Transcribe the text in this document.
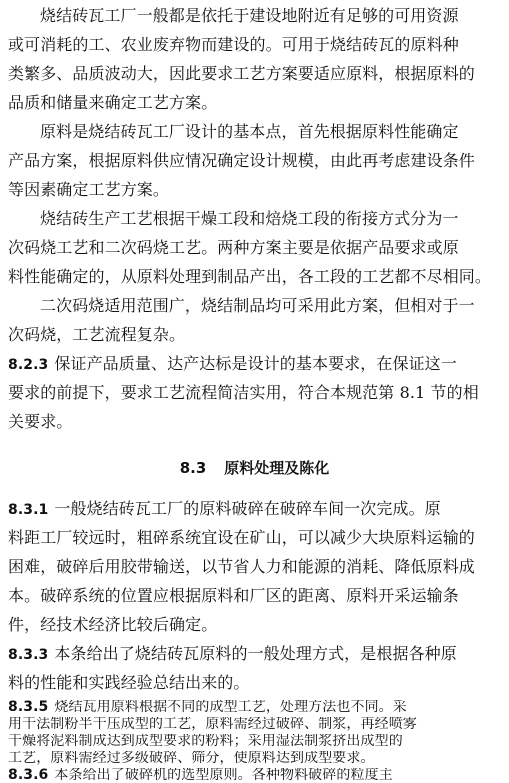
烧结砖瓦工厂一般都是依托于建设地附近有足够的可用资源
或可消耗的工、农业废弃物而建设的。可用于烧结砖瓦的原料种
类繁多、品质波动大，因此要求工艺方案要适应原料，根据原料的
品质和储量来确定工艺方案。
原料是烧结砖瓦工厂设计的基本点，首先根据原料性能确定
产品方案，根据原料供应情况确定设计规模，由此再考虑建设条件
等因素确定工艺方案。
烧结砖生产工艺根据干燥工段和焙烧工段的衔接方式分为一
次码烧工艺和二次码烧工艺。两种方案主要是依据产品要求或原
料性能确定的，从原料处理到制品产出，各工段的工艺都不尽相同。
二次码烧适用范围广，烧结制品均可采用此方案，但相对于一
次码烧，工艺流程复杂。
8.2.3 保证产品质量、达产达标是设计的基本要求，在保证这一
要求的前提下，要求工艺流程简洁实用，符合本规范第 8.1 节的相
关要求。
8.3 原料处理及陈化
8.3.1 一般烧结砖瓦工厂的原料破碎在破碎车间一次完成。原
料距工厂较远时，粗碎系统宜设在矿山，可以减少大块原料运输的
困难，破碎后用胶带输送，以节省人力和能源的消耗、降低原料成
本。破碎系统的位置应根据原料和厂区的距离、原料开采运输条
件，经技术经济比较后确定。
8.3.3 本条给出了烧结砖瓦原料的一般处理方式，是根据各种原
料的性能和实践经验总结出来的。
8.3.5 烧结瓦用原料根据不同的成型工艺，处理方法也不同。采
用干法制粉半干压成型的工艺，原料需经过破碎、制浆，再经喷雾
干燥将泥料制成达到成型要求的粉料；采用湿法制浆挤出成型的
工艺，原料需经过多级破碎、筛分，使原料达到成型要求。
8.3.6 本条给出了破碎机的选型原则。各种物料破碎的粒度主
